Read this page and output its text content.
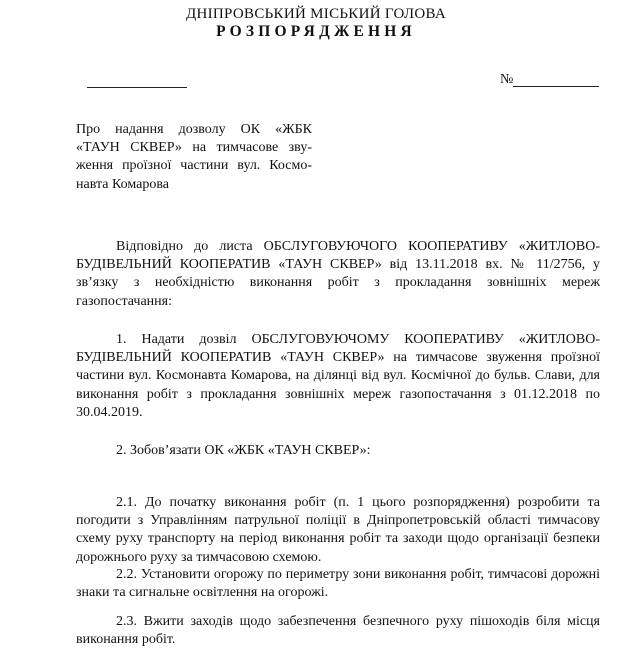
ДНІПРОВСЬКИЙ МІСЬКИЙ ГОЛОВА
РОЗПОРЯДЖЕННЯ
№
Про надання дозволу ОК «ЖБК «ТАУН СКВЕР» на тимчасове звуження проїзної частини вул. Космонавта Комарова

Відповідно до листа ОБСЛУГОВУЮЧОГО КООПЕРАТИВУ «ЖИТЛОВО-БУДІВЕЛЬНИЙ КООПЕРАТИВ «ТАУН СКВЕР» від 13.11.2018 вх. № 11/2756, у зв’язку з необхідністю виконання робіт з прокладання зовнішніх мереж газопостачання:

1. Надати дозвіл ОБСЛУГОВУЮЧОМУ КООПЕРАТИВУ «ЖИТЛОВОБУДІВЕЛЬНИЙ КООПЕРАТИВ «ТАУН СКВЕР» на тимчасове звуження проїзної частини вул. Космонавта Комарова, на ділянці від вул. Космічної до бульв. Слави, для виконання робіт з прокладання зовнішніх мереж газопостачання з 01.12.2018 по 30.04.2019.

2. Зобов’язати ОК «ЖБК «ТАУН СКВЕР»:

2.1. До початку виконання робіт (п. 1 цього розпорядження) розробити та погодити з Управлінням патрульної поліції в Дніпропетровській області тимчасову схему руху транспорту на період виконання робіт та заходи щодо організації безпеки дорожнього руху за тимчасовою схемою.

2.2. Установити огорожу по периметру зони виконання робіт, тимчасові дорожні знаки та сигнальне освітлення на огорожі.

2.3. Вжити заходів щодо забезпечення безпечного руху пішоходів біля місця виконання робіт.
